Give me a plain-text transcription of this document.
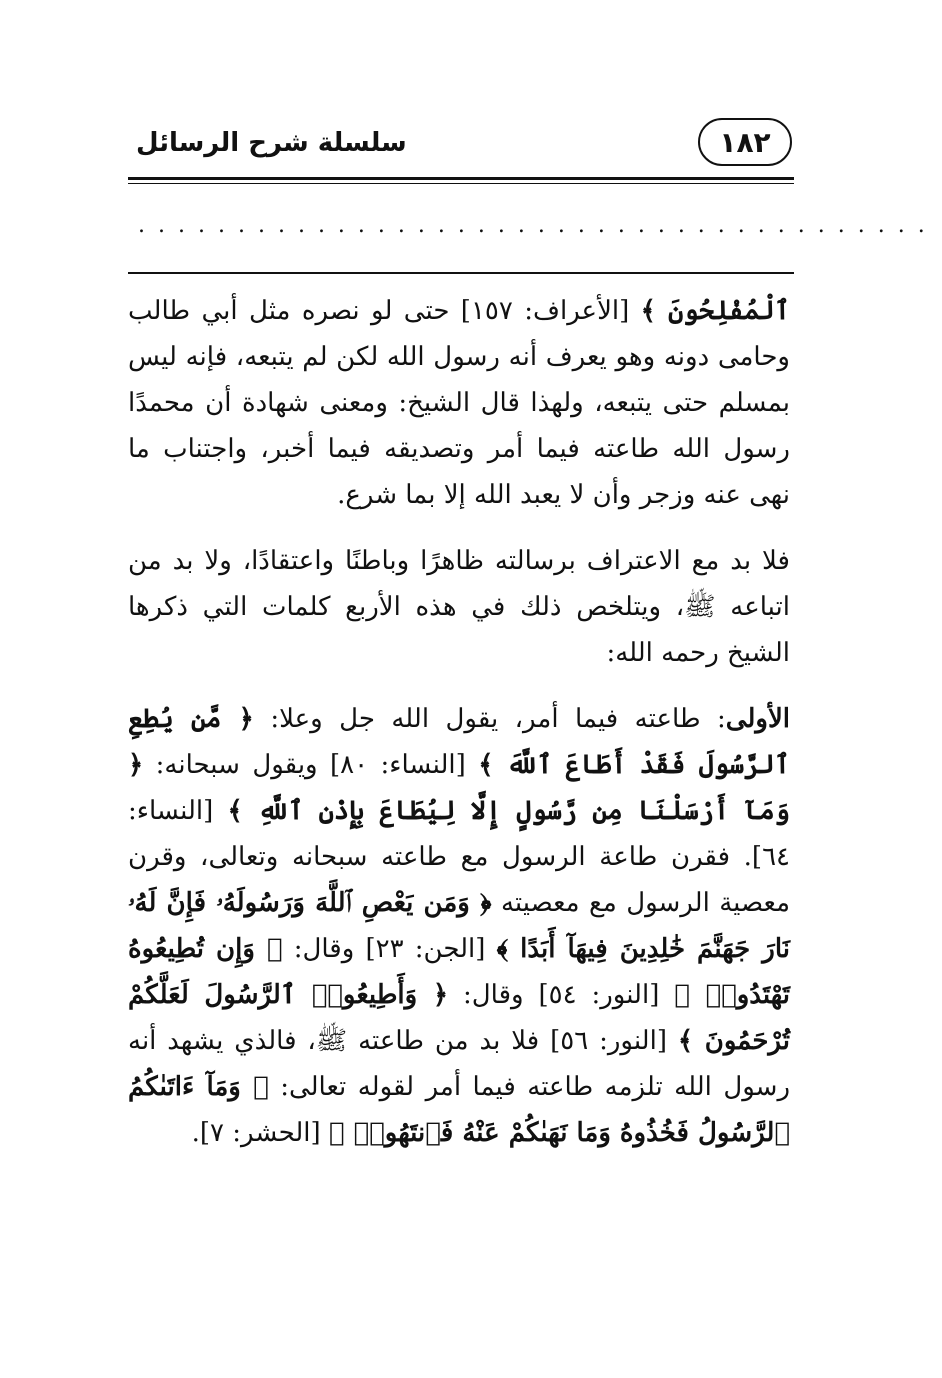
سلسلة شرح الرسائل	١٨٢
........................................

ٱلْمُفْلِحُونَ ﴾ [الأعراف: ١٥٧] حتى لو نصره مثل أبي طالب وحامى دونه وهو يعرف أنه رسول الله لكن لم يتبعه، فإنه ليس بمسلم حتى يتبعه، ولهذا قال الشيخ: ومعنى شهادة أن محمدًا رسول الله طاعته فيما أمر وتصديقه فيما أخبر، واجتناب ما نهى عنه وزجر وأن لا يعبد الله إلا بما شرع.

فلا بد مع الاعتراف برسالته ظاهرًا وباطنًا واعتقادًا، ولا بد من اتباعه ﷺ، ويتلخص ذلك في هذه الأربع كلمات التي ذكرها الشيخ رحمه الله:

الأولى: طاعته فيما أمر، يقول الله جل وعلا: ﴿ مَّن يُطِعِ ٱلرَّسُولَ فَقَدْ أَطَاعَ ٱللَّهَ ﴾ [النساء: ٨٠] ويقول سبحانه: ﴿ وَمَآ أَرْسَلْنَا مِن رَّسُولٍ إِلَّا لِيُطَاعَ بِإِذْنِ ٱللَّهِ ﴾ [النساء: ٦٤]. فقرن طاعة الرسول مع طاعته سبحانه وتعالى، وقرن معصية الرسول مع معصيته ﴿ وَمَن يَعْصِ ٱللَّهَ وَرَسُولَهُۥ فَإِنَّ لَهُۥ نَارَ جَهَنَّمَ خَٰلِدِينَ فِيهَآ أَبَدًا ﴾ [الجن: ٢٣] وقال: ﴿ وَإِن تُطِيعُوهُ تَهْتَدُوا۟ ﴾ [النور: ٥٤] وقال: ﴿ وَأَطِيعُوا۟ ٱلرَّسُولَ لَعَلَّكُمْ تُرْحَمُونَ ﴾ [النور: ٥٦] فلا بد من طاعته ﷺ، فالذي يشهد أنه رسول الله تلزمه طاعته فيما أمر لقوله تعالى: ﴿ وَمَآ ءَاتَىٰكُمُ ٱلرَّسُولُ فَخُذُوهُ وَمَا نَهَىٰكُمْ عَنْهُ فَٱنتَهُوا۟ ﴾ [الحشر: ٧].
